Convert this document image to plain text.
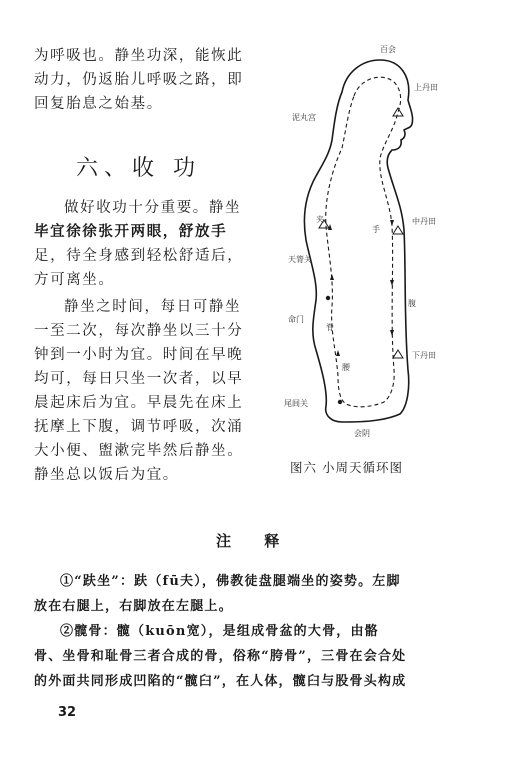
为呼吸也。静坐功深，能恢此
动力，仍返胎儿呼吸之路，即
回复胎息之始基。
六、收 功
做好收功十分重要。静坐
毕宜徐徐张开两眼，舒放手
足，待全身感到轻松舒适后，
方可离坐。
静坐之时间，每日可静坐
一至二次，每次静坐以三十分
钟到一小时为宜。时间在早晚
均可，每日只坐一次者，以早
晨起床后为宜。早晨先在床上
抚摩上下腹，调节呼吸，次涌
大小便、盥漱完毕然后静坐。
静坐总以饭后为宜。
百会
泥丸宫
上丹田
中丹田
下丹田
天膂关
夹
脊
命门
腰
尾闾关
会阴
手
腹
图六 小周天循环图
注 释
①“趺坐”：趺（fū夫），佛教徒盘腿端坐的姿势。左脚
放在右腿上，右脚放在左腿上。
②髋骨：髋（kuōn宽），是组成骨盆的大骨，由骼
骨、坐骨和耻骨三者合成的骨，俗称“胯骨”，三骨在会合处
的外面共同形成凹陷的“髋臼”，在人体，髋臼与股骨头构成
32
